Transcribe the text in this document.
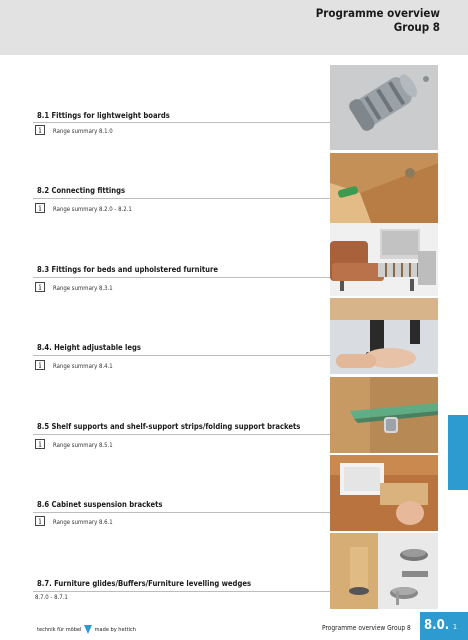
Programme overview
Group 8
8.1 Fittings for lightweight boards
i	Range summary 8.1.0
8.2 Connecting fittings
i	Range summary 8.2.0 - 8.2.1
8.3 Fittings for beds and upholstered furniture
i	Range summary 8.3.1
8.4. Height adjustable legs
i	Range summary 8.4.1
8.5 Shelf supports and shelf-support strips/folding support brackets
i	Range summary 8.5.1
8.6 Cabinet suspension brackets
i	Range summary 8.6.1
8.7. Furniture glides/Buffers/Furniture levelling wedges
8.7.0 - 8.7.1
technik für möbel made by hettich	Programme overview Group 8 8.0. 1
